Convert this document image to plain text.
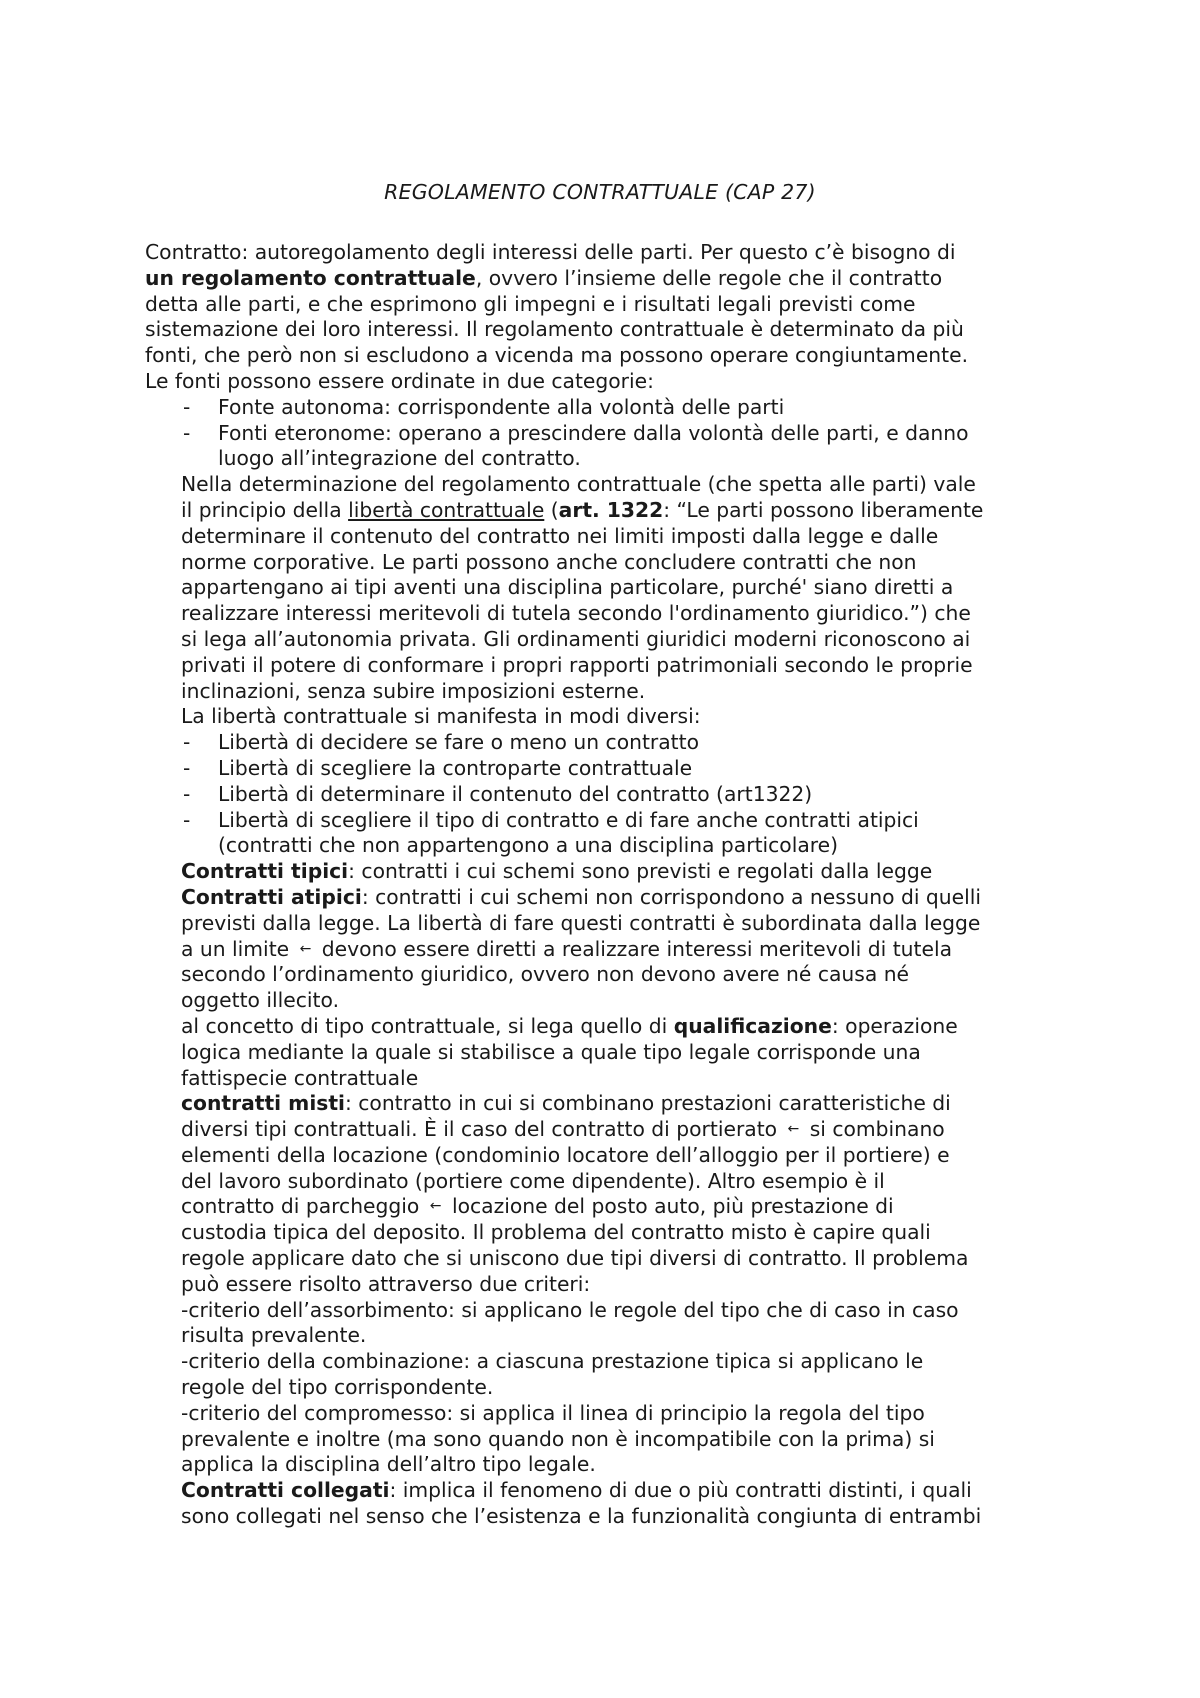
REGOLAMENTO CONTRATTUALE (CAP 27)
Contratto: autoregolamento degli interessi delle parti. Per questo c’è bisogno di
un regolamento contrattuale, ovvero l’insieme delle regole che il contratto
detta alle parti, e che esprimono gli impegni e i risultati legali previsti come
sistemazione dei loro interessi. Il regolamento contrattuale è determinato da più
fonti, che però non si escludono a vicenda ma possono operare congiuntamente.
Le fonti possono essere ordinate in due categorie:
- Fonte autonoma: corrispondente alla volontà delle parti
- Fonti eteronome: operano a prescindere dalla volontà delle parti, e danno
luogo all’integrazione del contratto.
Nella determinazione del regolamento contrattuale (che spetta alle parti) vale
il principio della libertà contrattuale (art. 1322: “Le parti possono liberamente
determinare il contenuto del contratto nei limiti imposti dalla legge e dalle
norme corporative. Le parti possono anche concludere contratti che non
appartengano ai tipi aventi una disciplina particolare, purché' siano diretti a
realizzare interessi meritevoli di tutela secondo l'ordinamento giuridico.”) che
si lega all’autonomia privata. Gli ordinamenti giuridici moderni riconoscono ai
privati il potere di conformare i propri rapporti patrimoniali secondo le proprie
inclinazioni, senza subire imposizioni esterne.
La libertà contrattuale si manifesta in modi diversi:
- Libertà di decidere se fare o meno un contratto
- Libertà di scegliere la controparte contrattuale
- Libertà di determinare il contenuto del contratto (art1322)
- Libertà di scegliere il tipo di contratto e di fare anche contratti atipici
(contratti che non appartengono a una disciplina particolare)
Contratti tipici: contratti i cui schemi sono previsti e regolati dalla legge
Contratti atipici: contratti i cui schemi non corrispondono a nessuno di quelli
previsti dalla legge. La libertà di fare questi contratti è subordinata dalla legge
a un limite ← devono essere diretti a realizzare interessi meritevoli di tutela
secondo l’ordinamento giuridico, ovvero non devono avere né causa né
oggetto illecito.
al concetto di tipo contrattuale, si lega quello di qualificazione: operazione
logica mediante la quale si stabilisce a quale tipo legale corrisponde una
fattispecie contrattuale
contratti misti: contratto in cui si combinano prestazioni caratteristiche di
diversi tipi contrattuali. È il caso del contratto di portierato ← si combinano
elementi della locazione (condominio locatore dell’alloggio per il portiere) e
del lavoro subordinato (portiere come dipendente). Altro esempio è il
contratto di parcheggio ← locazione del posto auto, più prestazione di
custodia tipica del deposito. Il problema del contratto misto è capire quali
regole applicare dato che si uniscono due tipi diversi di contratto. Il problema
può essere risolto attraverso due criteri:
-criterio dell’assorbimento: si applicano le regole del tipo che di caso in caso
risulta prevalente.
-criterio della combinazione: a ciascuna prestazione tipica si applicano le
regole del tipo corrispondente.
-criterio del compromesso: si applica il linea di principio la regola del tipo
prevalente e inoltre (ma sono quando non è incompatibile con la prima) si
applica la disciplina dell’altro tipo legale.
Contratti collegati: implica il fenomeno di due o più contratti distinti, i quali
sono collegati nel senso che l’esistenza e la funzionalità congiunta di entrambi
